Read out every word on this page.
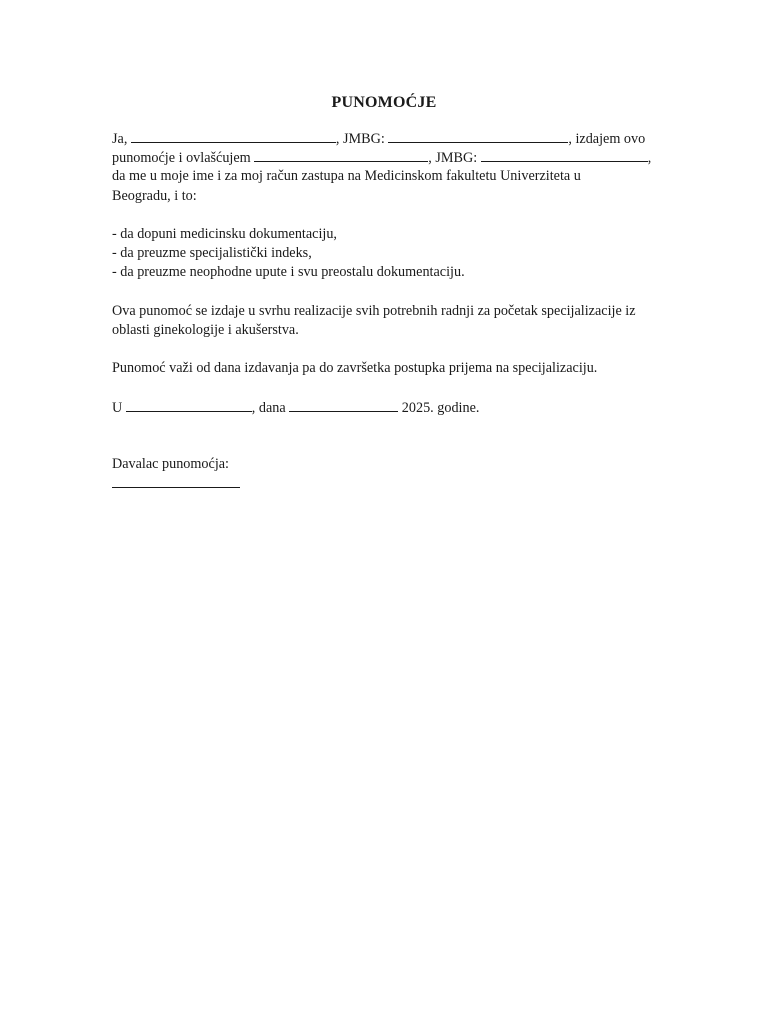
PUNOMOĆJE
Ja,	, JMBG:	, izdajem ovo
punomoćje i ovlašćujem	, JMBG:	,
da me u moje ime i za moj račun zastupa na Medicinskom fakultetu Univerziteta u
Beogradu, i to:
- da dopuni medicinsku dokumentaciju,
- da preuzme specijalistički indeks,
- da preuzme neophodne upute i svu preostalu dokumentaciju.
Ova punomoć se izdaje u svrhu realizacije svih potrebnih radnji za početak specijalizacije iz
oblasti ginekologije i akušerstva.
Punomoć važi od dana izdavanja pa do završetka postupka prijema na specijalizaciju.
U	, dana	2025. godine.
Davalac punomoćja:
